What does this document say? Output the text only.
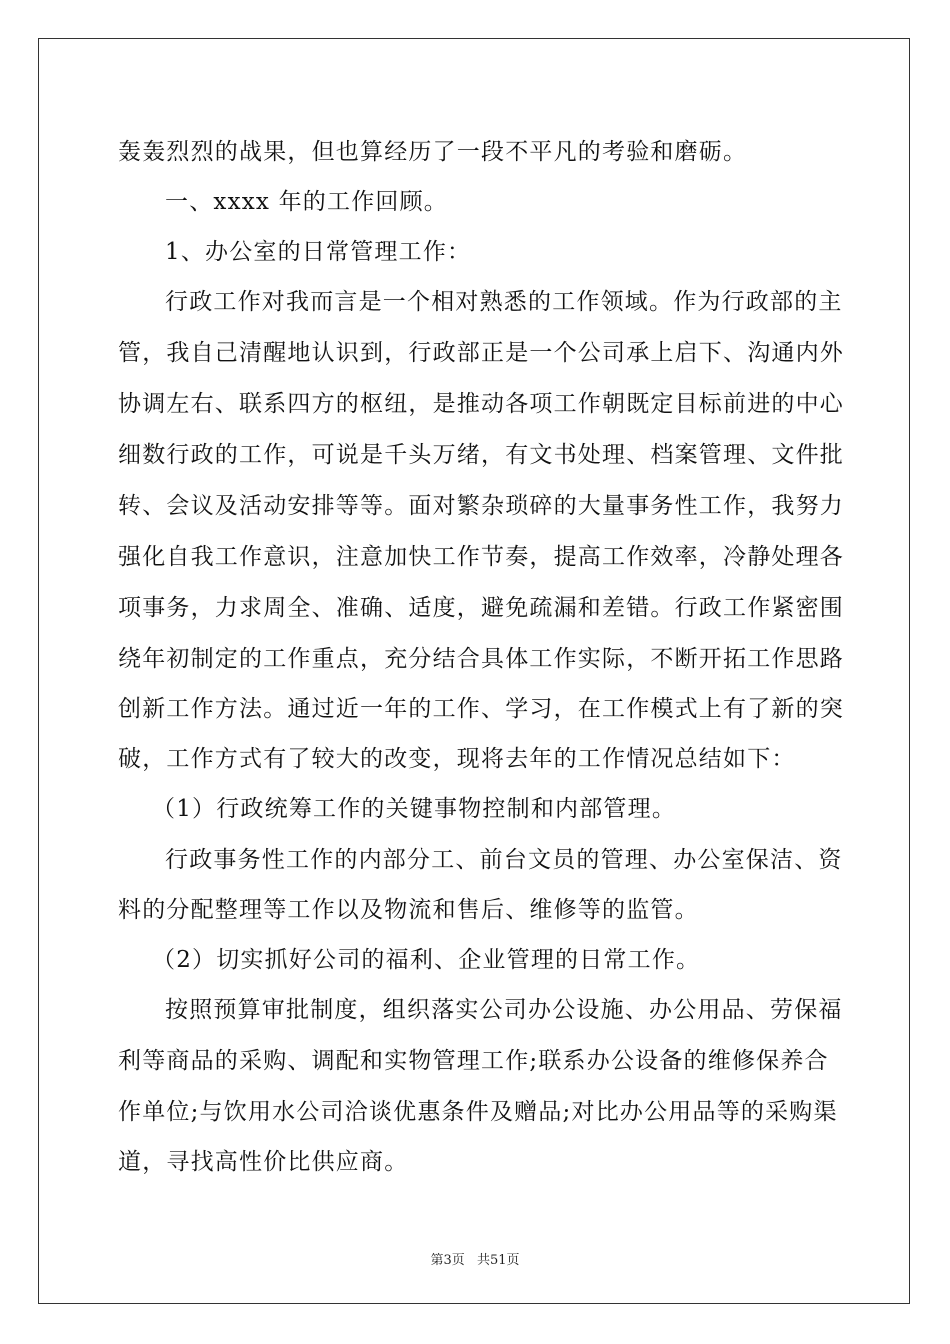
轰轰烈烈的战果，但也算经历了一段不平凡的考验和磨砺。
一、xxxx 年的工作回顾。
1、办公室的日常管理工作：
行政工作对我而言是一个相对熟悉的工作领域。作为行政部的主
管，我自己清醒地认识到，行政部正是一个公司承上启下、沟通内外
协调左右、联系四方的枢纽，是推动各项工作朝既定目标前进的中心
细数行政的工作，可说是千头万绪，有文书处理、档案管理、文件批
转、会议及活动安排等等。面对繁杂琐碎的大量事务性工作，我努力
强化自我工作意识，注意加快工作节奏，提高工作效率，冷静处理各
项事务，力求周全、准确、适度，避免疏漏和差错。行政工作紧密围
绕年初制定的工作重点，充分结合具体工作实际，不断开拓工作思路
创新工作方法。通过近一年的工作、学习，在工作模式上有了新的突
破，工作方式有了较大的改变，现将去年的工作情况总结如下：
（1）行政统筹工作的关键事物控制和内部管理。
行政事务性工作的内部分工、前台文员的管理、办公室保洁、资
料的分配整理等工作以及物流和售后、维修等的监管。
（2）切实抓好公司的福利、企业管理的日常工作。
按照预算审批制度，组织落实公司办公设施、办公用品、劳保福
利等商品的采购、调配和实物管理工作;联系办公设备的维修保养合
作单位;与饮用水公司洽谈优惠条件及赠品;对比办公用品等的采购渠
道，寻找高性价比供应商。
第3页 共51页
